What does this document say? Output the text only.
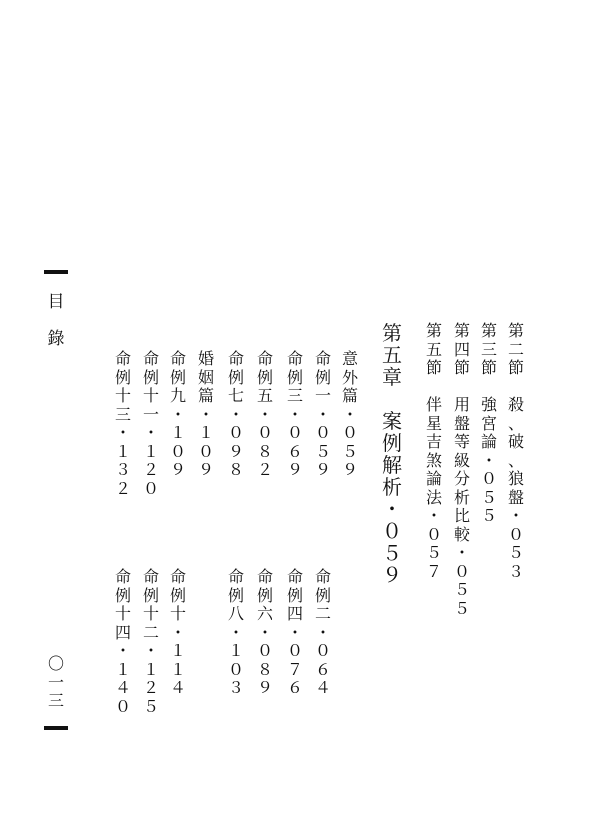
目
錄
〇
一
三
第
二
節

殺
、
破
、
狼
盤
・
０
５
３
第
三
節

強
宮
論
・
０
５
５
第
四
節

用
盤
等
級
分
析
比
較
・
０
５
５
第
五
節

伴
星
吉
煞
論
法
・
０
５
７
第
五
章

案
例
解
析
・
０
５
９
意
外
篇
・
０
５
９
命
例
一
・
０
５
９
命
例
三
・
０
６
９
命
例
五
・
０
８
２
命
例
七
・
０
９
８
婚
姻
篇
・
１
０
９
命
例
九
・
１
０
９
命
例
十
一
・
１
２
０
命
例
十
三
・
１
３
２
命
例
二
・
０
６
４
命
例
四
・
０
７
６
命
例
六
・
０
８
９
命
例
八
・
１
０
３
命
例
十
・
１
１
４
命
例
十
二
・
１
２
５
命
例
十
四
・
１
４
０
